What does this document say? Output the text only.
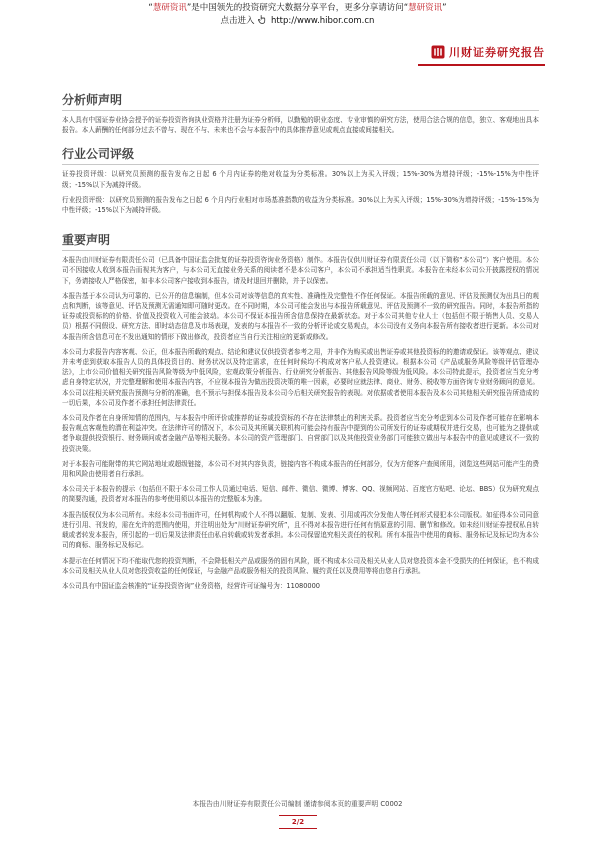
“慧研资讯”是中国领先的投资研究大数据分享平台，更多分享请访问“慧研资讯”
点击进入 http://www.hibor.com.cn
川财证券研究报告
分析师声明

本人具有中国证券业协会授予的证券投资咨询执业资格并注册为证券分析师，以勤勉的职业态度、专业审慎的研究方法，使用合法合规的信息，独立、客观地出具本报告。本人薪酬的任何部分过去不曾与、现在不与、未来也不会与本报告中的具体推荐意见或观点直接或间接相关。

行业公司评级

证券投资评级：以研究员预测的报告发布之日起 6 个月内证券的绝对收益为分类标准。30%以上为买入评级；15%-30%为增持评级；-15%-15%为中性评级；-15%以下为减持评级。

行业投资评级：以研究员预测的报告发布之日起 6 个月内行业相对市场基准指数的收益为分类标准。30%以上为买入评级；15%-30%为增持评级；-15%-15%为中性评级；-15%以下为减持评级。

重要声明

本报告由川财证券有限责任公司（已具备中国证监会批复的证券投资咨询业务资格）制作。本报告仅供川财证券有限责任公司（以下简称“本公司”）客户使用。本公司不因接收人收到本报告而视其为客户，与本公司无直接业务关系的阅读者不是本公司客户，本公司不承担适当性职责。本报告在未经本公司公开披露授权的情况下，务请接收人严格保密，如非本公司客户接收到本报告，请及时退回并删除，并予以保密。

本报告基于本公司认为可靠的、已公开的信息编制，但本公司对该等信息的真实性、准确性及完整性不作任何保证。本报告所载的意见、评估及预测仅为出具日的观点和判断，该等意见、评估及预测无需通知即可随时更改。在不同时期，本公司可能会发出与本报告所载意见、评估及预测不一致的研究报告。同时，本报告所指的证券或投资标的的价格、价值及投资收入可能会波动。本公司不保证本报告所含信息保持在最新状态。对于本公司其他专业人士（包括但不限于销售人员、交易人员）根据不同假设、研究方法、即时动态信息及市场表现，发表的与本报告不一致的分析评论或交易观点，本公司没有义务向本报告所有接收者进行更新。本公司对本报告所含信息可在不发出通知的情形下做出修改，投资者应当自行关注相应的更新或修改。

本公司力求报告内容客观、公正，但本报告所载的观点、结论和建议仅供投资者参考之用，并非作为购买或出售证券或其他投资标的的邀请或保证。该等观点、建议并未考虑到获取本报告人员的具体投资目的、财务状况以及特定需求，在任何时候均不构成对客户私人投资建议。根据本公司《产品或服务风险等级评估管理办法》，上市公司价值相关研究报告风险等级为中低风险，宏观政策分析报告、行业研究分析报告、其他报告风险等级为低风险。本公司特此提示，投资者应当充分考虑自身特定状况，并完整理解和使用本报告内容，不应视本报告为做出投资决策的唯一因素，必要时应就法律、商业、财务、税收等方面咨询专业财务顾问的意见。本公司以往相关研究报告预测与分析的准确，也不预示与担保本报告及本公司今后相关研究报告的表现。对依据或者使用本报告及本公司其他相关研究报告所造成的一切后果，本公司及作者不承担任何法律责任。

本公司及作者在自身所知情的范围内，与本报告中所评价或推荐的证券或投资标的不存在法律禁止的利害关系。投资者应当充分考虑到本公司及作者可能存在影响本报告观点客观性的潜在利益冲突。在法律许可的情况下，本公司及其所属关联机构可能会持有报告中提到的公司所发行的证券或期权并进行交易，也可能为之提供或者争取提供投资银行、财务顾问或者金融产品等相关服务。本公司的资产管理部门、自营部门以及其他投资业务部门可能独立做出与本报告中的意见或建议不一致的投资决策。

对于本报告可能附带的其它网站地址或超级链接，本公司不对其内容负责，链接内容不构成本报告的任何部分，仅为方便客户查阅所用，浏览这些网站可能产生的费用和风险由使用者自行承担。

本公司关于本报告的提示（包括但不限于本公司工作人员通过电话、短信、邮件、微信、微博、博客、QQ、视频网站、百度官方贴吧、论坛、BBS）仅为研究观点的简要沟通，投资者对本报告的参考使用须以本报告的完整版本为准。

本报告版权仅为本公司所有。未经本公司书面许可，任何机构或个人不得以翻版、复制、发表、引用或再次分发他人等任何形式侵犯本公司版权。如征得本公司同意进行引用、刊发的，需在允许的范围内使用，并注明出处为“川财证券研究所”，且不得对本报告进行任何有悄原意的引用、删节和修改。如未经川财证券授权私自转载或者转发本报告，所引起的一切后果及法律责任由私自转载或转发者承担。本公司保留追究相关责任的权利。所有本报告中使用的商标、服务标记及标记均为本公司的商标、服务标记及标记。

本提示在任何情况下均不能取代您的投资判断，不会降低相关产品或服务的固有风险，既不构成本公司及相关从业人员对您投资本金不受损失的任何保证，也不构成本公司及相关从业人员对您投资收益的任何保证，与金融产品或服务相关的投资风险、履约责任以及费用等将由您自行承担。

本公司具有中国证监会核准的“证券投资咨询”业务资格，经营许可证编号为：11080000

本报告由川财证券有限责任公司编制 谨请参阅本页的重要声明 C0002
2/2
